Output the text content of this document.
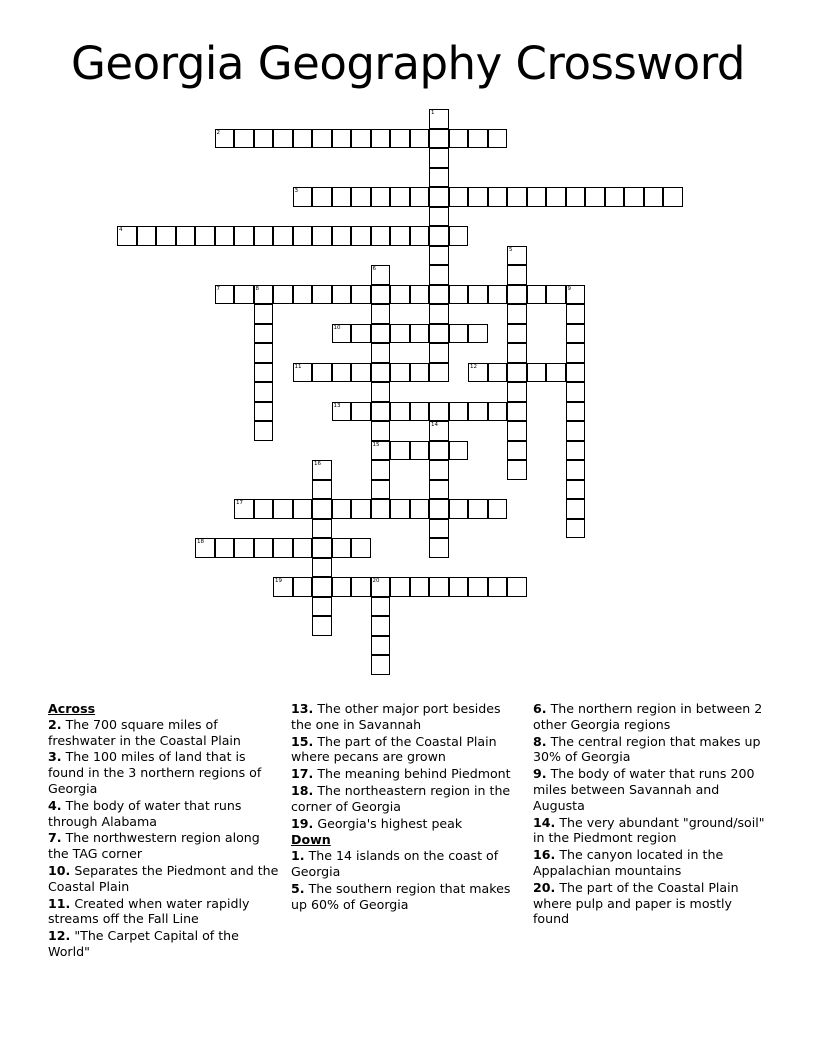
Georgia Geography Crossword
1
2
3
4
5
6
15
7	8	9
10
11	12
13
14
16
17
18
19	20
Across
2. The 700 square miles of freshwater in the Coastal Plain
3. The 100 miles of land that is found in the 3 northern regions of Georgia
4. The body of water that runs through Alabama
7. The northwestern region along the TAG corner
10. Separates the Piedmont and the Coastal Plain
11. Created when water rapidly streams off the Fall Line
12. "The Carpet Capital of the World"
13. The other major port besides the one in Savannah
15. The part of the Coastal Plain where pecans are grown
17. The meaning behind Piedmont
18. The northeastern region in the corner of Georgia
19. Georgia's highest peak
Down
1. The 14 islands on the coast of Georgia
5. The southern region that makes up 60% of Georgia
6. The northern region in between 2 other Georgia regions
8. The central region that makes up 30% of Georgia
9. The body of water that runs 200 miles between Savannah and Augusta
14. The very abundant "ground/soil" in the Piedmont region
16. The canyon located in the Appalachian mountains
20. The part of the Coastal Plain where pulp and paper is mostly found
